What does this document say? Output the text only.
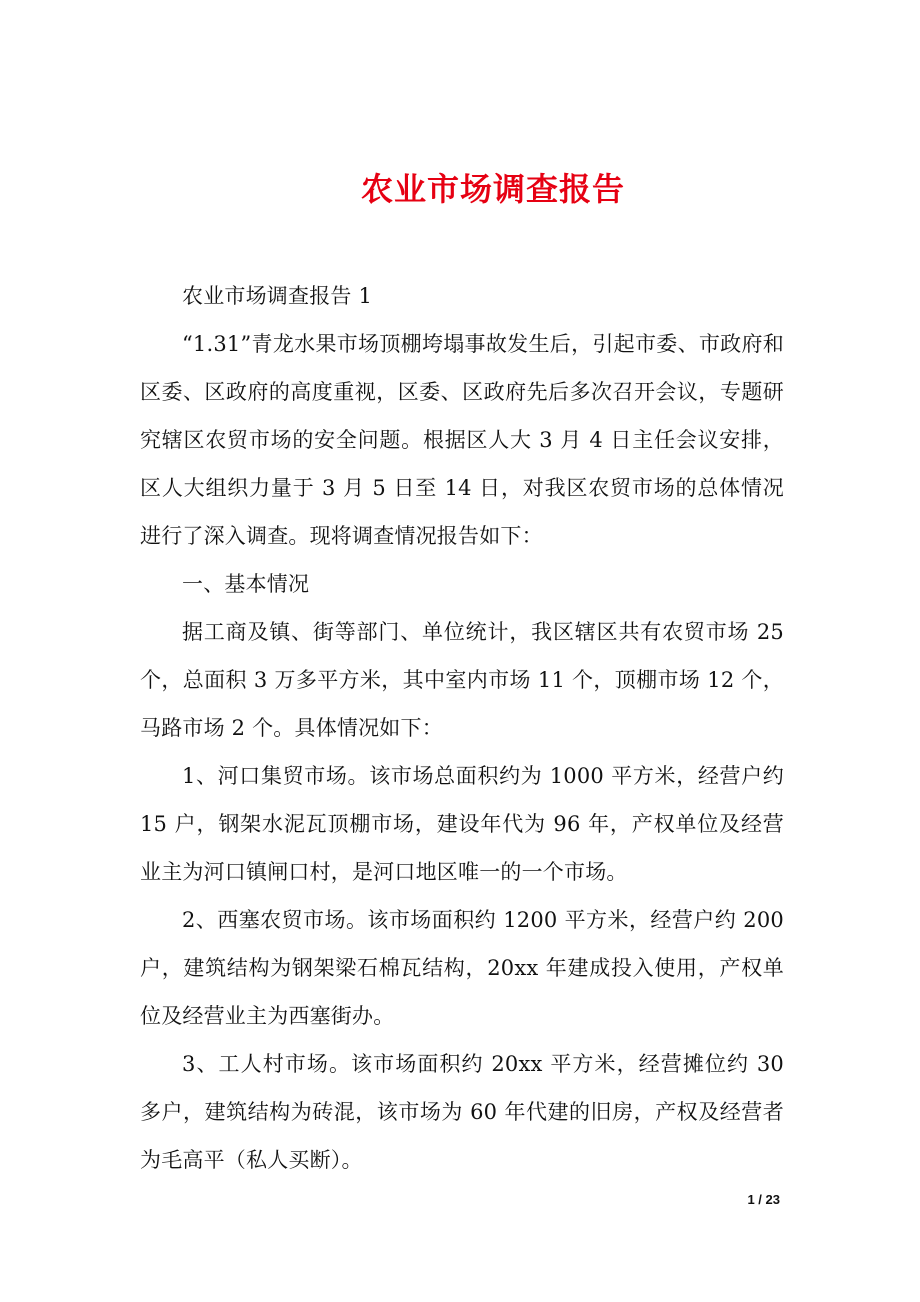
农业市场调查报告

农业市场调查报告 1

“1.31”青龙水果市场顶棚垮塌事故发生后，引起市委、市政府和区委、区政府的高度重视，区委、区政府先后多次召开会议，专题研究辖区农贸市场的安全问题。根据区人大 3 月 4 日主任会议安排，区人大组织力量于 3 月 5 日至 14 日，对我区农贸市场的总体情况进行了深入调查。现将调查情况报告如下：

一、基本情况

据工商及镇、街等部门、单位统计，我区辖区共有农贸市场 25 个，总面积 3 万多平方米，其中室内市场 11 个，顶棚市场 12 个，马路市场 2 个。具体情况如下：

1、河口集贸市场。该市场总面积约为 1000 平方米，经营户约 15 户，钢架水泥瓦顶棚市场，建设年代为 96 年，产权单位及经营业主为河口镇闸口村，是河口地区唯一的一个市场。

2、西塞农贸市场。该市场面积约 1200 平方米，经营户约 200 户，建筑结构为钢架梁石棉瓦结构，20xx 年建成投入使用，产权单位及经营业主为西塞街办。

3、工人村市场。该市场面积约 20xx 平方米，经营摊位约 30 多户，建筑结构为砖混，该市场为 60 年代建的旧房，产权及经营者为毛高平（私人买断）。

1 / 23
